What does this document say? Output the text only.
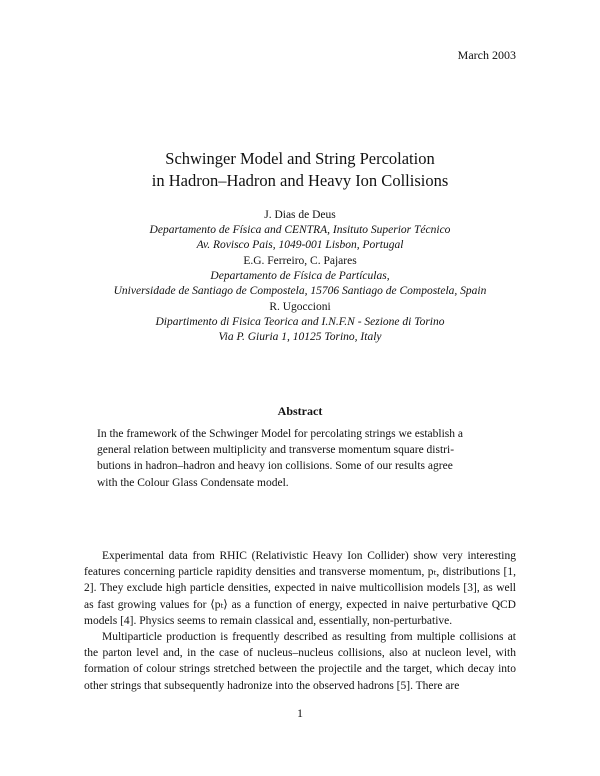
March 2003
Schwinger Model and String Percolation
in Hadron–Hadron and Heavy Ion Collisions
J. Dias de Deus
Departamento de Física and CENTRA, Insituto Superior Técnico
Av. Rovisco Pais, 1049-001 Lisbon, Portugal
E.G. Ferreiro, C. Pajares
Departamento de Física de Partículas,
Universidade de Santiago de Compostela, 15706 Santiago de Compostela, Spain
R. Ugoccioni
Dipartimento di Fisica Teorica and I.N.F.N - Sezione di Torino
Via P. Giuria 1, 10125 Torino, Italy
Abstract
In the framework of the Schwinger Model for percolating strings we establish a
general relation between multiplicity and transverse momentum square distri-
butions in hadron–hadron and heavy ion collisions. Some of our results agree
with the Colour Glass Condensate model.

Experimental data from RHIC (Relativistic Heavy Ion Collider) show very interesting features concerning particle rapidity densities and transverse momentum, pₜ, distributions [1, 2]. They exclude high particle densities, expected in naive multicollision models [3], as well as fast growing values for ⟨pₜ⟩ as a function of energy, expected in naive perturbative QCD models [4]. Physics seems to remain classical and, essentially, non-perturbative.

Multiparticle production is frequently described as resulting from multiple collisions at the parton level and, in the case of nucleus–nucleus collisions, also at nucleon level, with formation of colour strings stretched between the projectile and the target, which decay into other strings that subsequently hadronize into the observed hadrons [5]. There are

1
